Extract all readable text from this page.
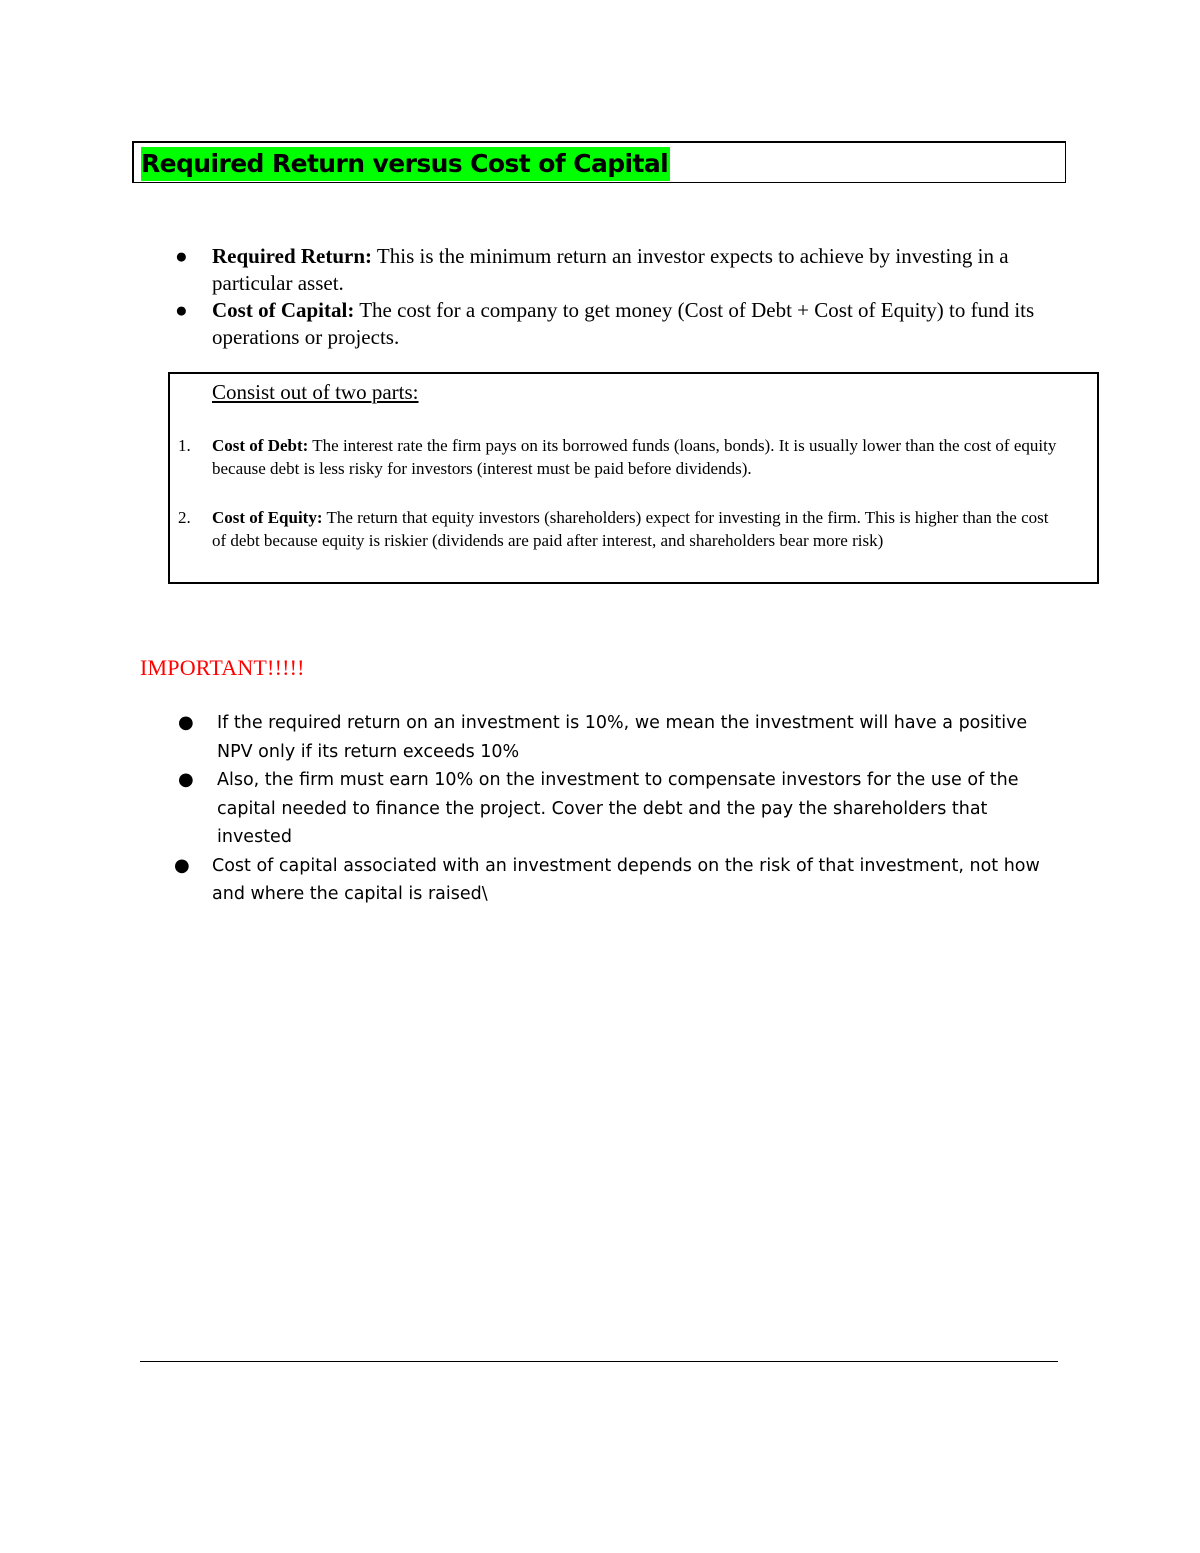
Required Return versus Cost of Capital
● Required Return: This is the minimum return an investor expects to achieve by investing in a particular asset.
● Cost of Capital: The cost for a company to get money (Cost of Debt + Cost of Equity) to fund its operations or projects.
Consist out of two parts:
1.	Cost of Debt: The interest rate the firm pays on its borrowed funds (loans, bonds). It is usually lower than the cost of equity because debt is less risky for investors (interest must be paid before dividends).
2.	Cost of Equity: The return that equity investors (shareholders) expect for investing in the firm. This is higher than the cost of debt because equity is riskier (dividends are paid after interest, and shareholders bear more risk)
IMPORTANT!!!!!
● If the required return on an investment is 10%, we mean the investment will have a positive NPV only if its return exceeds 10%
● Also, the firm must earn 10% on the investment to compensate investors for the use of the capital needed to finance the project. Cover the debt and the pay the shareholders that invested
● Cost of capital associated with an investment depends on the risk of that investment, not how and where the capital is raised\
